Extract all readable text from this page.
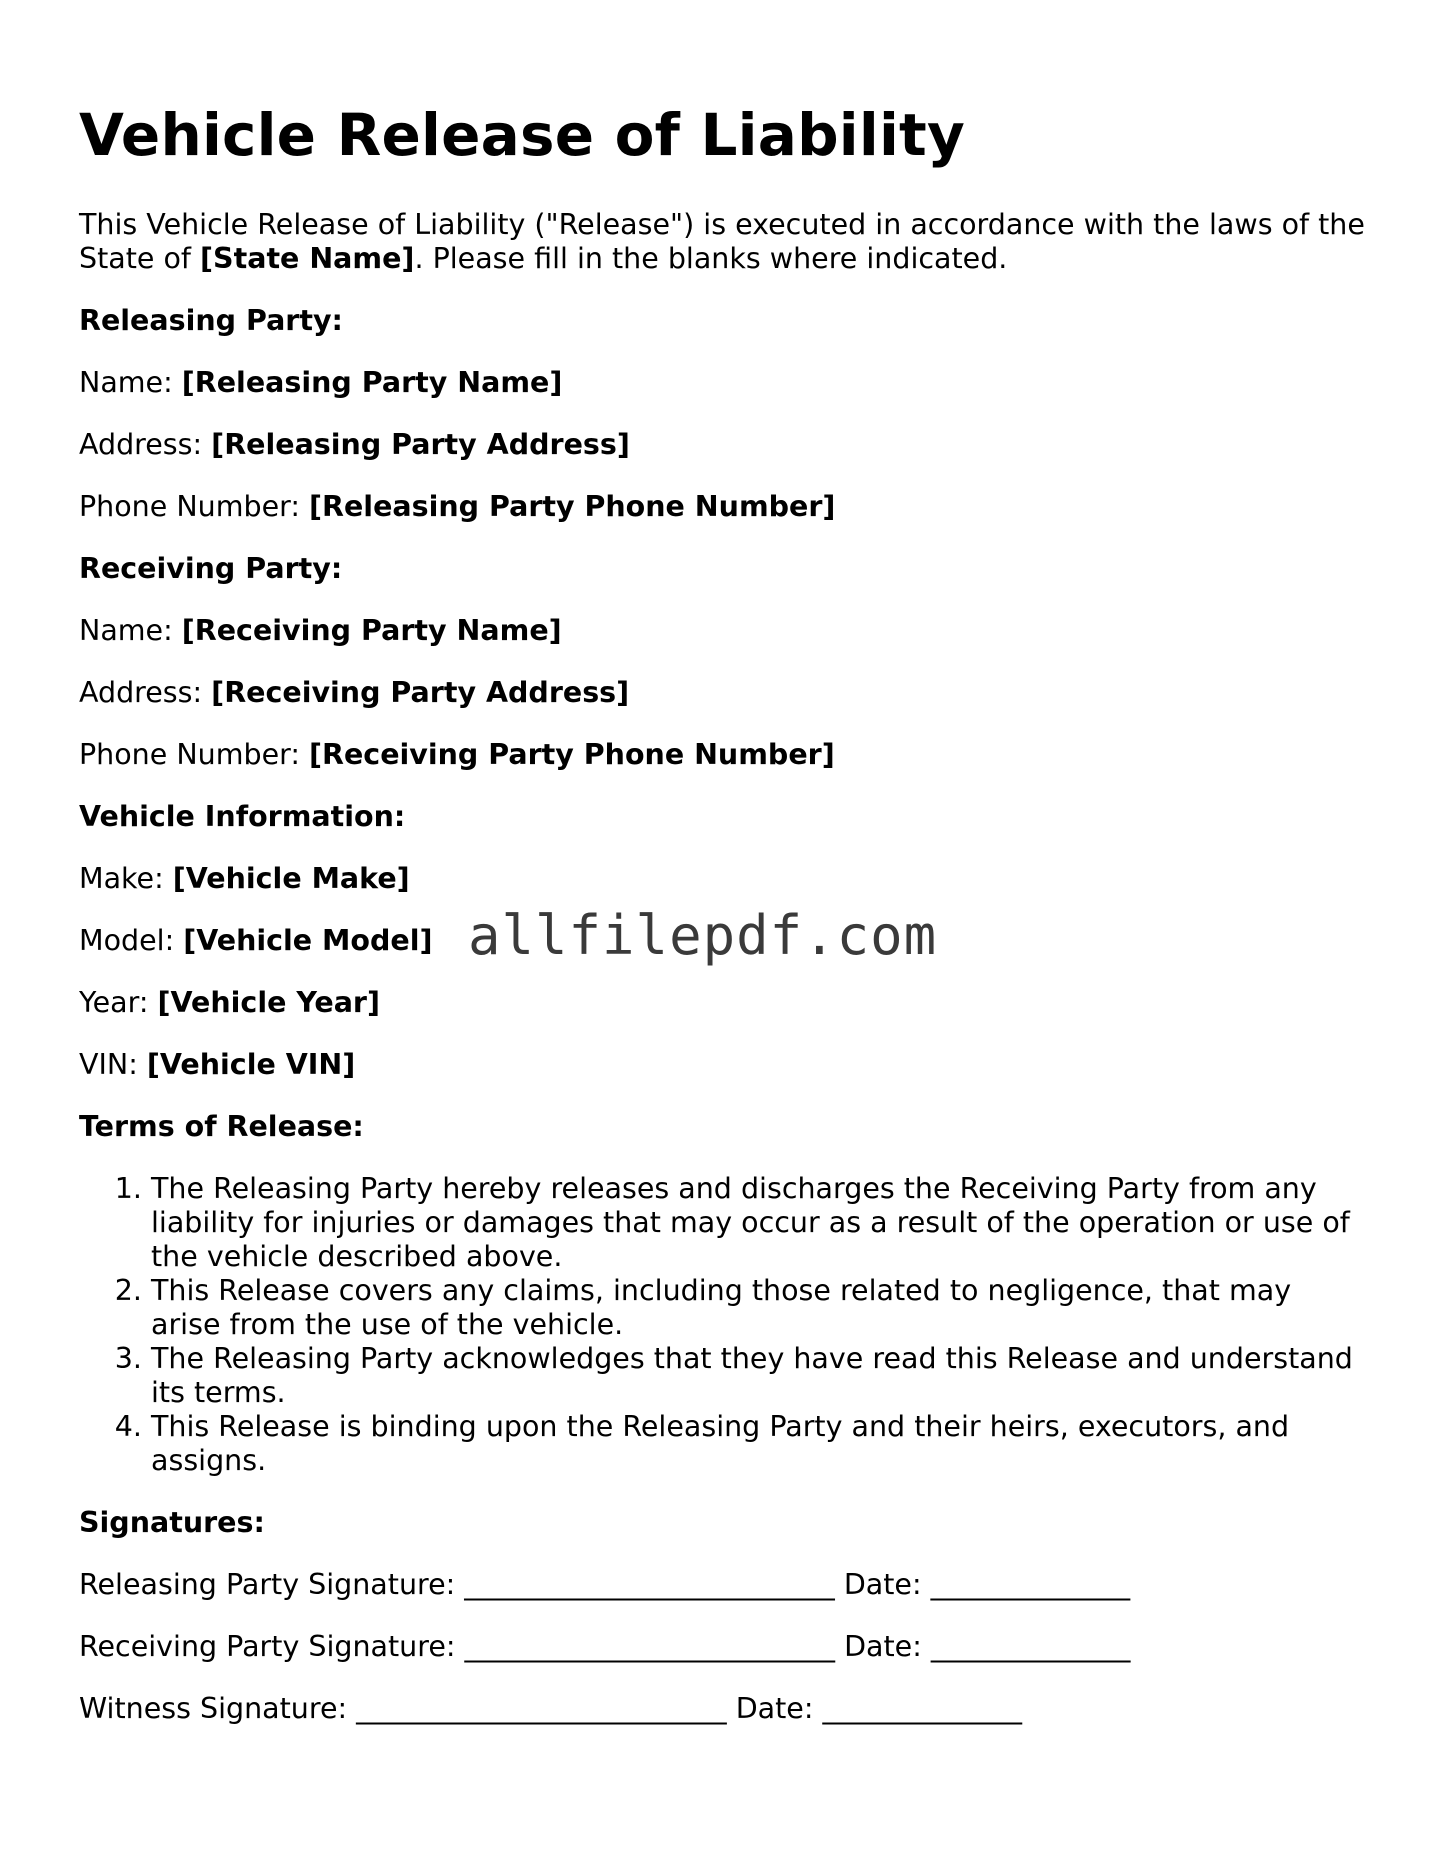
Vehicle Release of Liability

This Vehicle Release of Liability ("Release") is executed in accordance with the laws of the State of [State Name]. Please fill in the blanks where indicated.

Releasing Party:

Name: [Releasing Party Name]

Address: [Releasing Party Address]

Phone Number: [Releasing Party Phone Number]

Receiving Party:

Name: [Receiving Party Name]

Address: [Receiving Party Address]

Phone Number: [Receiving Party Phone Number]

Vehicle Information:

Make: [Vehicle Make]

Model: [Vehicle Model]

Year: [Vehicle Year]

VIN: [Vehicle VIN]

Terms of Release:

1. The Releasing Party hereby releases and discharges the Receiving Party from any liability for injuries or damages that may occur as a result of the operation or use of the vehicle described above.
2. This Release covers any claims, including those related to negligence, that may arise from the use of the vehicle.
3. The Releasing Party acknowledges that they have read this Release and understand its terms.
4. This Release is binding upon the Releasing Party and their heirs, executors, and assigns.

Signatures:

Releasing Party Signature: __________________________ Date: ______________

Receiving Party Signature: __________________________ Date: ______________

Witness Signature: __________________________ Date: ______________

allfilepdf.com
